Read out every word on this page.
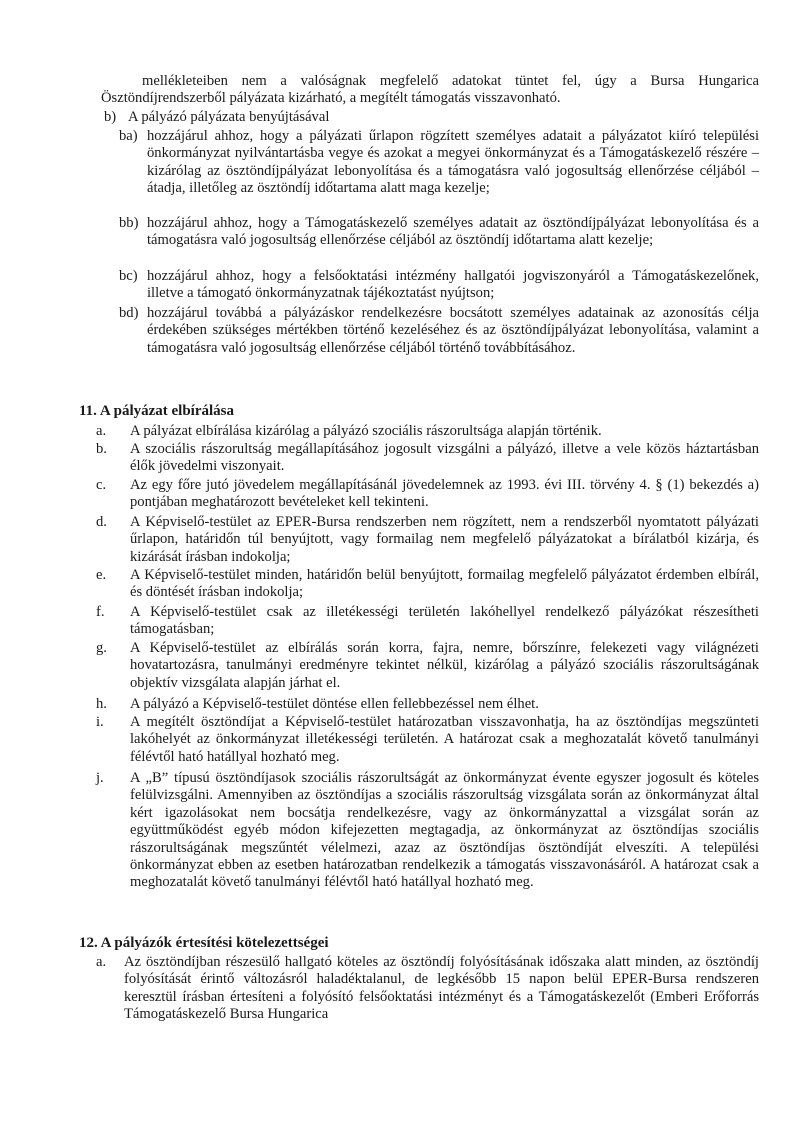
mellékleteiben nem a valóságnak megfelelő adatokat tüntet fel, úgy a Bursa Hungarica Ösztöndíjrendszerből pályázata kizárható, a megítélt támogatás visszavonható.
b) A pályázó pályázata benyújtásával
ba) hozzájárul ahhoz, hogy a pályázati űrlapon rögzített személyes adatait a pályázatot kiíró települési önkormányzat nyilvántartásba vegye és azokat a megyei önkormányzat és a Támogatáskezelő részére – kizárólag az ösztöndíjpályázat lebonyolítása és a támogatásra való jogosultság ellenőrzése céljából – átadja, illetőleg az ösztöndíj időtartama alatt maga kezelje;
bb) hozzájárul ahhoz, hogy a Támogatáskezelő személyes adatait az ösztöndíjpályázat lebonyolítása és a támogatásra való jogosultság ellenőrzése céljából az ösztöndíj időtartama alatt kezelje;
bc) hozzájárul ahhoz, hogy a felsőoktatási intézmény hallgatói jogviszonyáról a Támogatáskezelőnek, illetve a támogató önkormányzatnak tájékoztatást nyújtson;
bd) hozzájárul továbbá a pályázáskor rendelkezésre bocsátott személyes adatainak az azonosítás célja érdekében szükséges mértékben történő kezeléséhez és az ösztöndíjpályázat lebonyolítása, valamint a támogatásra való jogosultság ellenőrzése céljából történő továbbításához.
11. A pályázat elbírálása
a. A pályázat elbírálása kizárólag a pályázó szociális rászorultsága alapján történik.
b. A szociális rászorultság megállapításához jogosult vizsgálni a pályázó, illetve a vele közös háztartásban élők jövedelmi viszonyait.
c. Az egy főre jutó jövedelem megállapításánál jövedelemnek az 1993. évi III. törvény 4. § (1) bekezdés a) pontjában meghatározott bevételeket kell tekinteni.
d. A Képviselő-testület az EPER-Bursa rendszerben nem rögzített, nem a rendszerből nyomtatott pályázati űrlapon, határidőn túl benyújtott, vagy formailag nem megfelelő pályázatokat a bírálatból kizárja, és kizárását írásban indokolja;
e. A Képviselő-testület minden, határidőn belül benyújtott, formailag megfelelő pályázatot érdemben elbírál, és döntését írásban indokolja;
f. A Képviselő-testület csak az illetékességi területén lakóhellyel rendelkező pályázókat részesítheti támogatásban;
g. A Képviselő-testület az elbírálás során korra, fajra, nemre, bőrszínre, felekezeti vagy világnézeti hovatartozásra, tanulmányi eredményre tekintet nélkül, kizárólag a pályázó szociális rászorultságának objektív vizsgálata alapján járhat el.
h. A pályázó a Képviselő-testület döntése ellen fellebbezéssel nem élhet.
i. A megítélt ösztöndíjat a Képviselő-testület határozatban visszavonhatja, ha az ösztöndíjas megszünteti lakóhelyét az önkormányzat illetékességi területén. A határozat csak a meghozatalát követő tanulmányi félévtől ható hatállyal hozható meg.
j. A „B” típusú ösztöndíjasok szociális rászorultságát az önkormányzat évente egyszer jogosult és köteles felülvizsgálni. Amennyiben az ösztöndíjas a szociális rászorultság vizsgálata során az önkormányzat által kért igazolásokat nem bocsátja rendelkezésre, vagy az önkormányzattal a vizsgálat során az együttműködést egyéb módon kifejezetten megtagadja, az önkormányzat az ösztöndíjas szociális rászorultságának megszűntét vélelmezi, azaz az ösztöndíjas ösztöndíját elveszíti. A települési önkormányzat ebben az esetben határozatban rendelkezik a támogatás visszavonásáról. A határozat csak a meghozatalát követő tanulmányi félévtől ható hatállyal hozható meg.
12. A pályázók értesítési kötelezettségei
a. Az ösztöndíjban részesülő hallgató köteles az ösztöndíj folyósításának időszaka alatt minden, az ösztöndíj folyósítását érintő változásról haladéktalanul, de legkésőbb 15 napon belül EPER-Bursa rendszeren keresztül írásban értesíteni a folyósító felsőoktatási intézményt és a Támogatáskezelőt (Emberi Erőforrás Támogatáskezelő Bursa Hungarica
